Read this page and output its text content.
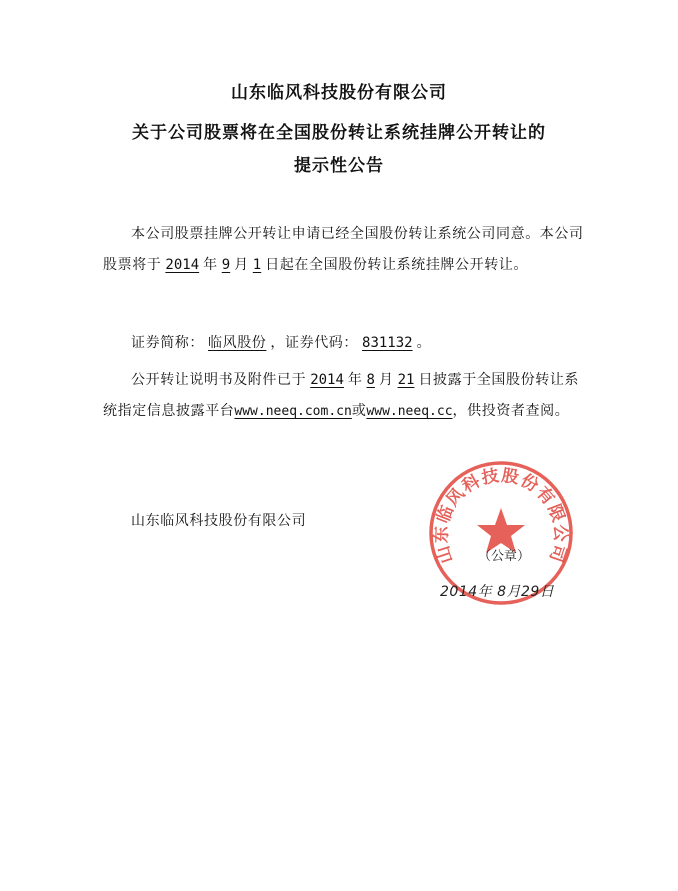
山东临风科技股份有限公司
关于公司股票将在全国股份转让系统挂牌公开转让的
提示性公告

本公司股票挂牌公开转让申请已经全国股份转让系统公司同意。本公司股票将于 2014 年 9 月 1 日起在全国股份转让系统挂牌公开转让。

证券简称： 临风股份 ，证券代码： 831132 。

公开转让说明书及附件已于 2014 年 8 月 21 日披露于全国股份转让系统指定信息披露平台www.neeq.com.cn或www.neeq.cc，供投资者查阅。

山东临风科技股份有限公司
山东临风科技股份有限公司
（公章）
2014年 8月29日
